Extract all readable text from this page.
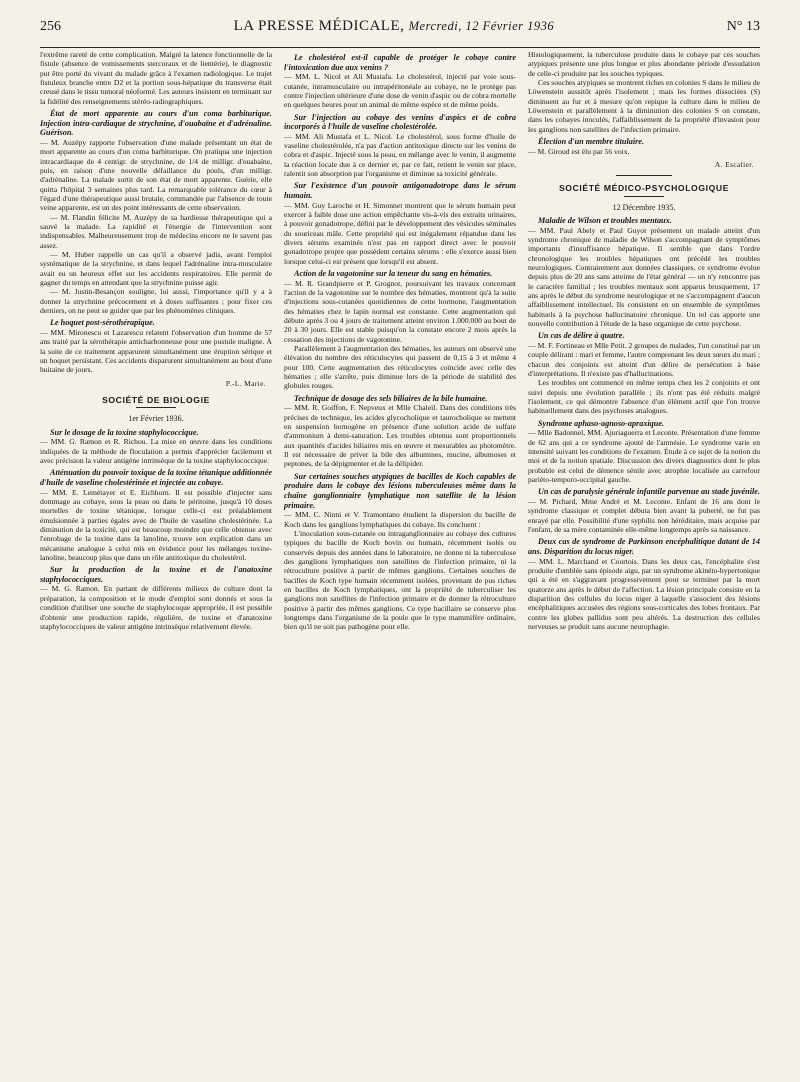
256	LA PRESSE MÉDICALE, Mercredi, 12 Février 1936	N° 13

l'extrême rareté de cette complication. Malgré la latence fonctionnelle de la fistule (absence de vomissements stercoraux et de lientérie), le diagnostic put être porté du vivant du malade grâce à l'examen radiologique. Le trajet fistuleux branche entre D2 et la portion sous-hépatique du transverse était creusé dans le tissu tumoral néoformé. Les auteurs insistent en terminant sur la fidélité des renseignements stéréo-radiographiques.

État de mort apparente au cours d'un coma barbiturique. Injection intra-cardiaque de strychnine, d'ouabaïne et d'adrénaline. Guérison.

— M. Auzépy rapporte l'observation d'une malade présentant un état de mort apparente au cours d'un coma barbiturique. On pratiqua une injection intracardiaque de 4 centigr. de strychnine, de 1/4 de milligr. d'ouabaïne, puis, en raison d'une nouvelle défaillance du pouls, d'un milligr. d'adrénaline. La malade sortit de son état de mort apparente. Guérie, elle quitta l'hôpital 3 semaines plus tard. La remarquable tolérance du cœur à l'égard d'une thérapeutique aussi brutale, commandée par l'absence de toute veine apparente, est un des point intéressants de cette observation.

— M. Flandin félicite M. Auzépy de sa hardiesse thérapeutique qui a sauvé la malade. La rapidité et l'énergie de l'intervention sont indispensables. Malheureusement trop de médecins encore ne le savent pas assez.

— M. Huber rappelle un cas qu'il a observé jadis, avant l'emploi systématique de la strychnine, et dans lequel l'adrénaline intra-musculaire avait eu un heureux effet sur les accidents respiratoires. Elle permit de gagner du temps en attendant que la strychnine puisse agir.

— M. Justin-Besançon souligne, lui aussi, l'importance qu'il y a à donner la strychnine précocement et à doses suffisantes ; pour fixer ces derniers, on ne peut se guider que par les phénomènes cliniques.

Le hoquet post-sérothérapique.

— MM. Mironescu et Lazarescu relatent l'observation d'un homme de 57 ans traité par la sérothérapie anticharbonneuse pour une pustule maligne. À la suite de ce traitement apparurent simultanément une éruption sérique et un hoquet persistant. Ces accidents disparurent simultanément au bout d'une huitaine de jours.

P.-L. Marie.
SOCIÉTÉ DE BIOLOGIE
1er Février 1936.
Sur le dosage de la toxine staphylococcique.

— MM. G. Ramon et R. Richou. La mise en œuvre dans les conditions indiquées de la méthode de floculation a permis d'apprécier facilement et avec précision la valeur antigène intrinsèque de la toxine staphylococcique.

Atténuation du pouvoir toxique de la toxine tétanique additionnée d'huile de vaseline cholestérinée et injectée au cobaye.

— MM. E. Lemétayer et E. Eichhorn. Il est possible d'injecter sans dommage au cobaye, sous la peau ou dans le péritoine, jusqu'à 10 doses mortelles de toxine tétanique, lorsque celle-ci est préalablement émulsionnée à parties égales avec de l'huile de vaseline cholestérinée. La diminution de la toxicité, qui est beaucoup moindre que celle obtenue avec l'enrobage de la toxine dans la lanoline, trouve son explication dans un mécanisme analogue à celui mis en évidence pour les mélanges toxine-lanoline, beaucoup plus que dans un rôle antitoxique du cholestérol.

Sur la production de la toxine et de l'anatoxine staphylococciques.

— M. G. Ramon. En partant de différents milieux de culture dont la préparation, la composition et le mode d'emploi sont donnés et sous la condition d'utiliser une souche de staphylocoque appropriée, il est possible d'obtenir une production rapide, régulière, de toxine et d'anatoxine staphylococciques de valeur antigène intrinsèque relativement élevée.

Le cholestérol est-il capable de protéger le cobaye contre l'intoxication due aux venins ?

— MM. L. Nicol et Ali Mustafa. Le cholestérol, injecté par voie sous-cutanée, intramusculaire ou intrapéritonéale au cobaye, ne le protège pas contre l'injection ultérieure d'une dose de venin d'aspic ou de cobra mortelle en quelques heures pour un animal de même espèce et de même poids.

Sur l'injection au cobaye des venins d'aspics et de cobra incorporés à l'huile de vaseline cholestérolée.

— MM. Ali Mustafa et L. Nicol. Le cholestérol, sous forme d'huile de vaseline cholestérolée, n'a pas d'action antitoxique directe sur les venins de cobra et d'aspic. Injecté sous la peau, en mélange avec le venin, il augmente la réaction locale due à ce dernier et, par ce fait, retient le venin sur place, ralentit son absorption par l'organisme et diminue sa toxicité générale.

Sur l'existence d'un pouvoir antigonadotrope dans le sérum humain.

— MM. Guy Laroche et H. Simonnet montrent que le sérum humain peut exercer à faible dose une action empêchante vis-à-vis des extraits urinaires, à pouvoir gonadotrope, défini par le développement des vésicules séminales du souriceau mâle. Cette propriété qui est inégalement répandue dans les divers sérums examinés n'est pas en rapport direct avec le pouvoir gonadotrope propre que possèdent certains sérums : elle s'exerce aussi bien lorsque celui-ci est présent que lorsqu'il est absent.

Action de la vagotonine sur la teneur du sang en hématies.

— M. R. Grandpierre et P. Grognot, poursuivant les travaux concernant l'action de la vagotonine sur le nombre des hématies, montrent qu'à la suite d'injections sous-cutanées quotidiennes de cette hormone, l'augmentation des hématies chez le lapin normal est constante. Cette augmentation qui débute après 3 ou 4 jours de traitement atteint environ 1.000.000 au bout de 20 à 30 jours. Elle est stable puisqu'on la constate encore 2 mois après la cessation des injections de vagotonine.

Parallèlement à l'augmentation des hématies, les auteurs ont observé une élévation du nombre des réticulocytes qui passent de 0,15 à 3 et même 4 pour 100. Cette augmentation des réticulocytes coïncide avec celle des hématies ; elle s'arrête, puis diminue lors de la période de stabilité des globules rouges.

Technique de dosage des sels biliaires de la bile humaine.

— MM. R. Goiffon, F. Nepveux et Mlle Chaleil. Dans des conditions très précises de technique, les acides glycocholique et taurocholique se mettent en suspension homogène en présence d'une solution acide de sulfate d'ammonium à demi-saturation. Les troubles obtenus sont proportionnels aux quantités d'acides biliaires mis en œuvre et mesurables au photomètre. Il est nécessaire de priver la bile des albumines, mucine, albumoses et peptones, de la dépigmenter et de la délipider.

Sur certaines souches atypiques de bacilles de Koch capables de produire dans le cobaye des lésions tuberculeuses même dans la chaîne ganglionnaire lymphatique non satellite de la lésion primaire.

— MM. C. Ninni et V. Tramontano étudient la dispersion du bacille de Koch dans les ganglions lymphatiques du cobaye. Ils concluent :

L'inoculation sous-cutanée ou intraganglionnaire au cobaye des cultures typiques du bacille de Koch bovin ou humain, récemment isolés ou conservés depuis des années dans le laboratoire, ne donne ni la tuberculose des ganglions lymphatiques non satellites de l'infection primaire, ni la rétroculture positive à partir de mêmes ganglions. Certaines souches de bacilles de Koch type humain récemment isolées, provenant de pus riches en bacilles de Koch lymphatiques, ont la propriété de tuberculiser les ganglions non satellites de l'infection primaire et de donner la rétroculture positive à partir des mêmes ganglions. Ce type bacillaire se conserve plus longtemps dans l'organisme de la poule que le type mammifère ordinaire, bien qu'il ne soit pas pathogène pour elle.

Histologiquement, la tuberculose produite dans le cobaye par ces souches atypiques présente une plus longue et plus abondante période d'essudation de celle-ci produite par les souches typiques.

Ces souches atypiques se montrent riches en colonies S dans le milieu de Löwenstein aussitôt après l'isolement ; mais les formes dissociées (S) diminuent au fur et à mesure qu'on repique la culture dans le milieu de Löwenstein et parallèlement à la diminution des colonies S on constate, dans les cobayes inoculés, l'affaiblissement de la propriété d'invasion pour les ganglions non satellites de l'infection primaire.

Élection d'un membre titulaire.

— M. Giroud est élu par 56 voix.

A. Escalier.
SOCIÉTÉ MÉDICO-PSYCHOLOGIQUE
12 Décembre 1935.
Maladie de Wilson et troubles mentaux.

— MM. Paul Abely et Paul Guyot présentent un malade atteint d'un syndrome chronique de maladie de Wilson s'accompagnant de symptômes importants d'insuffisance hépatique. Il semble que dans l'ordre chronologique les troubles hépatiques ont précédé les troubles neurologiques. Contrairement aux données classiques, ce syndrome évolue depuis plus de 20 ans sans atteinte de l'état général — on n'y rencontre pas le caractère familial ; les troubles mentaux sont apparus brusquement, 17 ans après le début du syndrome neurologique et ne s'accompagnent d'aucun affaiblissement intellectuel. Ils consistent en un ensemble de symptômes habituels à la psychose hallucinatoire chronique. Un tel cas apporte une nouvelle contribution à l'étude de la base organique de cette psychose.

Un cas de délire à quatre.

— M. F. Fortineau et Mlle Petit. 2 groupes de malades, l'un constitué par un couple délirant : mari et femme, l'autre comprenant les deux sœurs du mari ; chacun des conjoints est atteint d'un délire de persécution à base d'interprétations. Il n'existe pas d'hallucinations.

Les troubles ont commencé en même temps chez les 2 conjoints et ont suivi depuis une évolution parallèle ; ils n'ont pas été réduits malgré l'isolement, ce qui démontre l'absence d'un élément actif que l'on trouve habituellement dans des psychoses analogues.

Syndrome aphaso-agnoso-apraxique.

— Mlle Badonnel, MM. Ajuriaguerra et Leconte. Présentation d'une femme de 62 ans qui a ce syndrome ajouté de l'amnésie. Le syndrome varie en intensité suivant les conditions de l'examen. Étude à ce sujet de la notion du moi et de la notion spatiale. Discussion des divers diagnostics dont le plus probable est celui de démence sénile avec atrophie localisée au carrefour pariéto-temporo-occipital gauche.

Un cas de paralysie générale infantile parvenue au stade juvénile.

— M. Pichard, Mme André et M. Leconte. Enfant de 16 ans dont le syndrome classique et complet débuta bien avant la puberté, ne fut pas enrayé par elle. Possibilité d'une syphilis non héréditaire, mais acquise par l'enfant, de sa mère contaminée elle-même longtemps après sa naissance.

Deux cas de syndrome de Parkinson encéphalitique datant de 14 ans. Disparition du locus niger.

— MM. L. Marchand et Courtois. Dans les deux cas, l'encéphalite s'est produite d'emblée sans épisode aigu, par un syndrome akinéto-hypertonique qui a été en s'aggravant progressivement pour se terminer par la mort quatorze ans après le début de l'affection. La lésion principale consiste en la disparition des cellules du locus niger à laquelle s'associent des lésions encéphalitiques accusées des régions sous-corticales des lobes frontaux. Par contre les globes pallidus sont peu altérés. La destruction des cellules nerveuses se produit sans aucune neurophagie.
